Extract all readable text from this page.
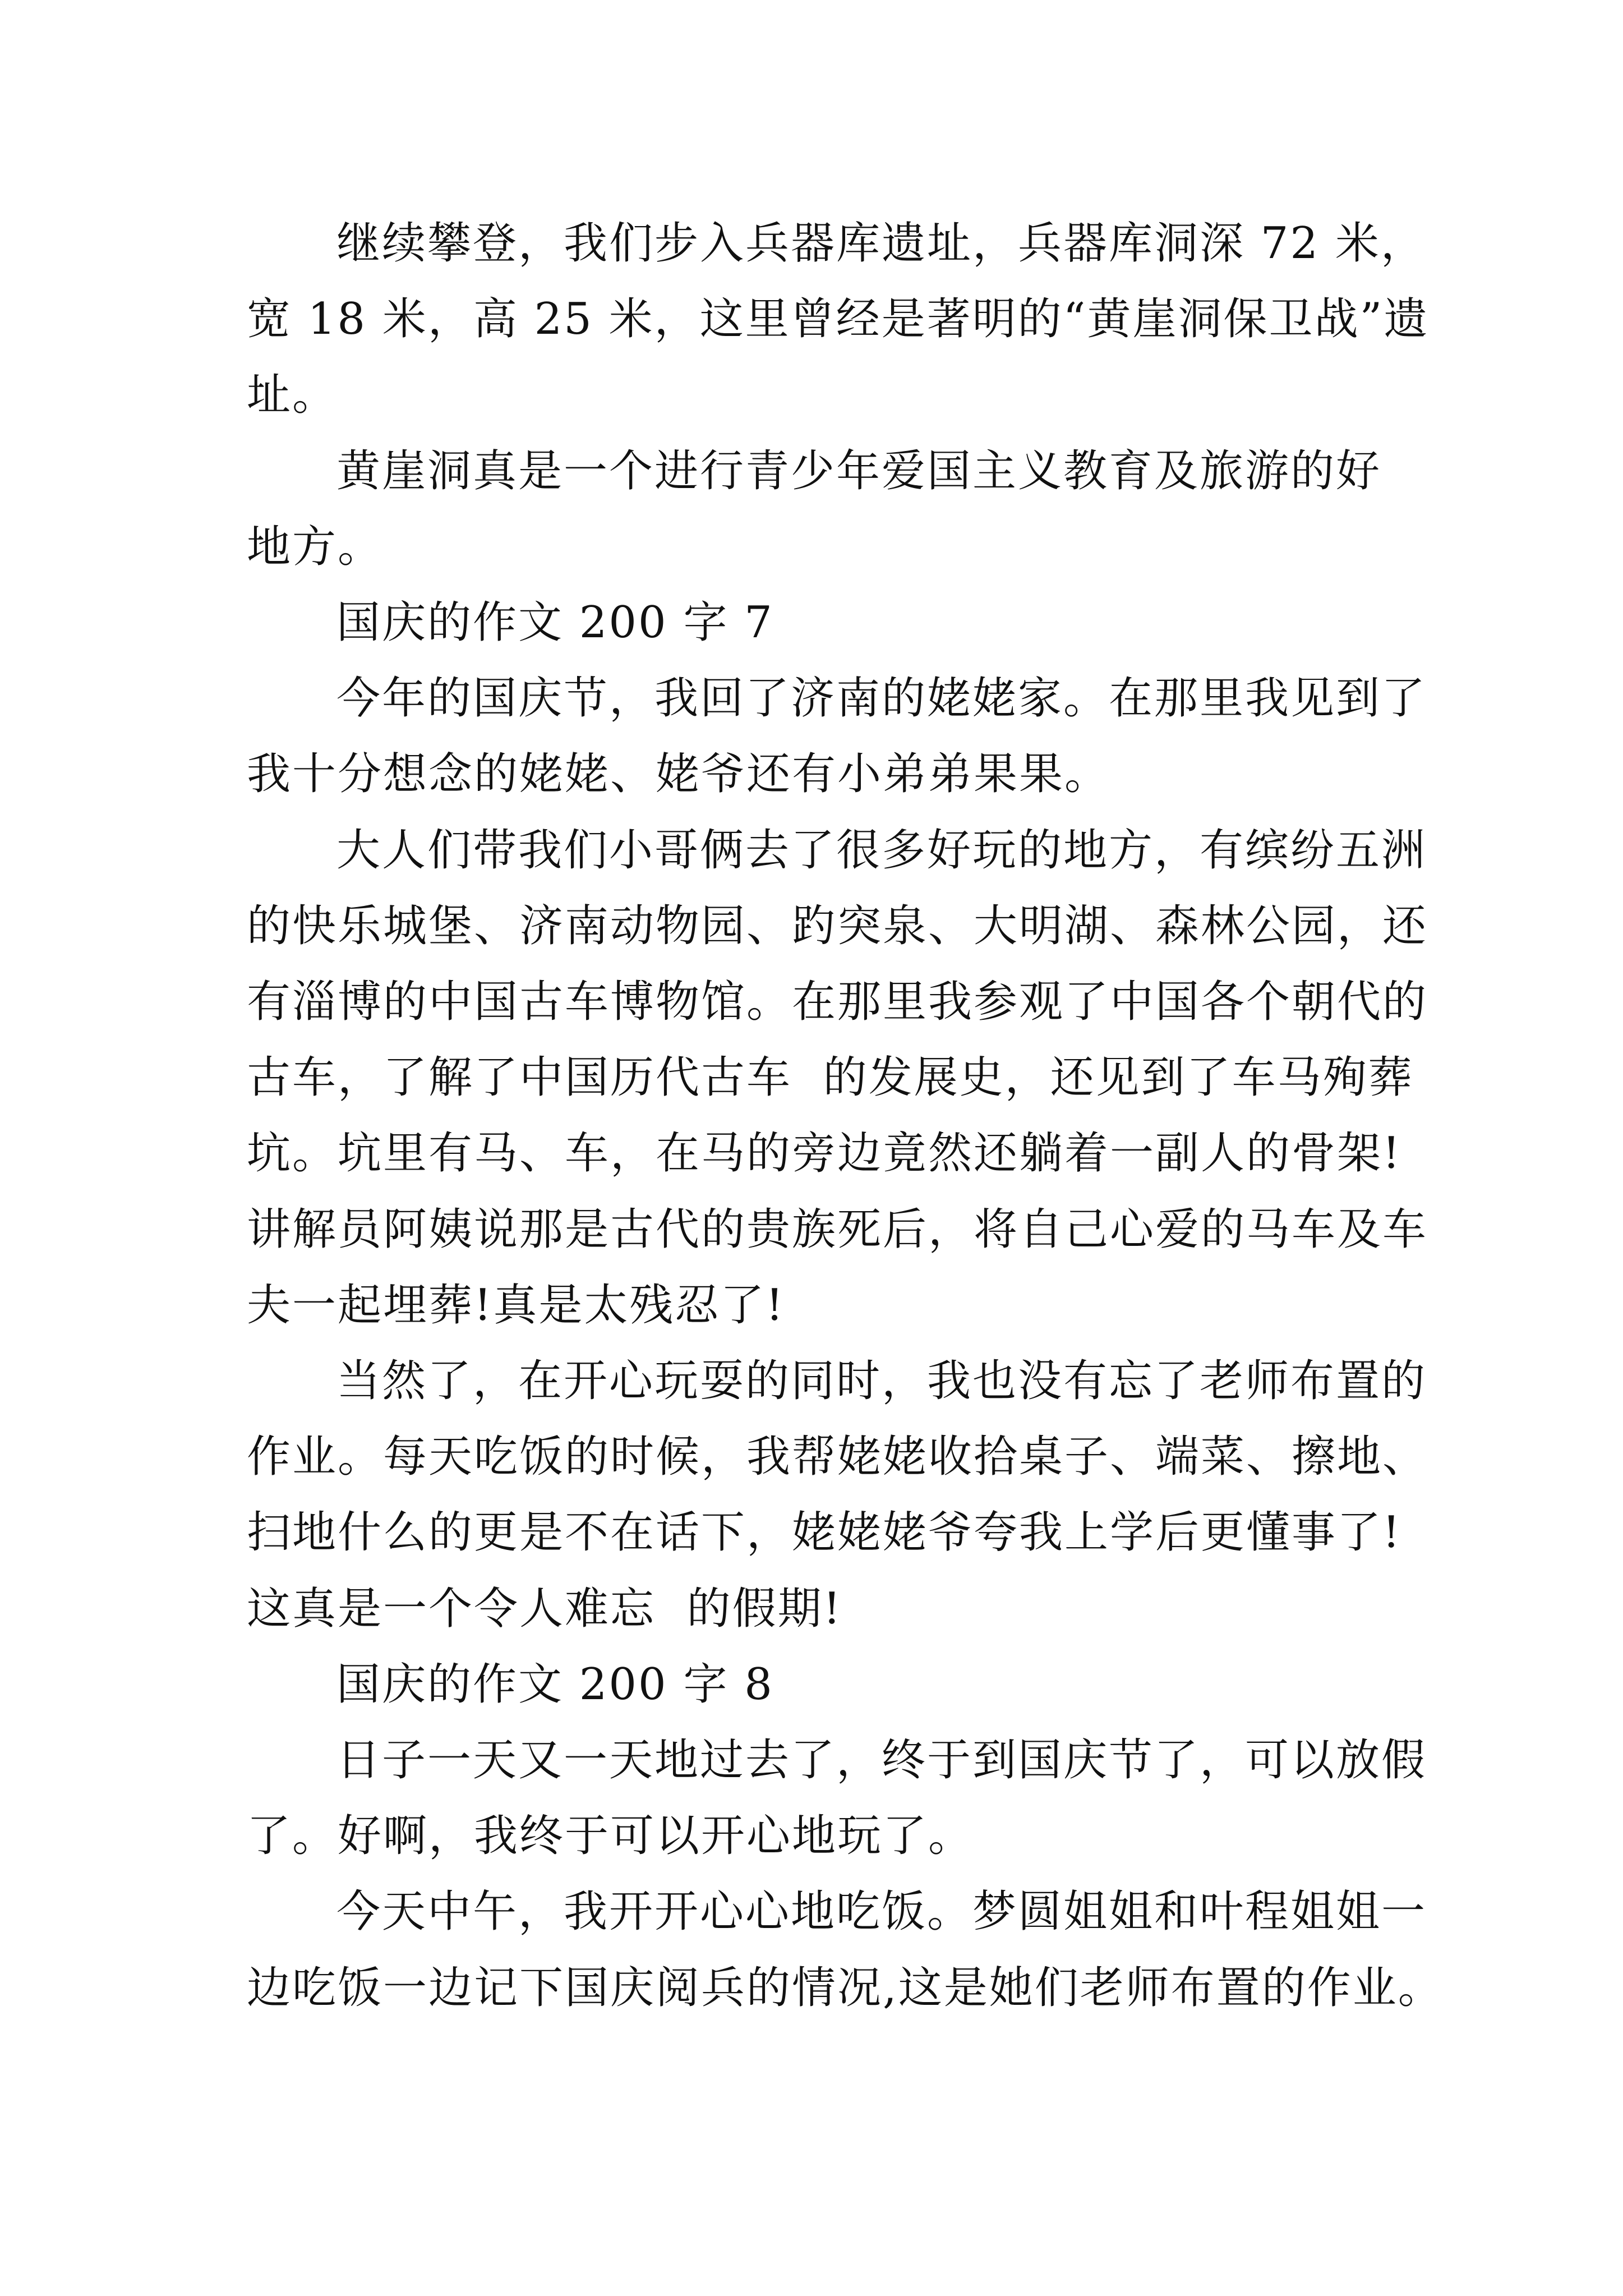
继续攀登，我们步入兵器库遗址，兵器库洞深 72 米，

宽 18 米，高 25 米，这里曾经是著明的“黄崖洞保卫战”遗

址。

黄崖洞真是一个进行青少年爱国主义教育及旅游的好

地方。

国庆的作文 200 字 7

今年的国庆节，我回了济南的姥姥家。在那里我见到了

我十分想念的姥姥、姥爷还有小弟弟果果。

大人们带我们小哥俩去了很多好玩的地方，有缤纷五洲

的快乐城堡、济南动物园、趵突泉、大明湖、森林公园，还

有淄博的中国古车博物馆。在那里我参观了中国各个朝代的

古车，了解了中国历代古车  的发展史，还见到了车马殉葬

坑。坑里有马、车，在马的旁边竟然还躺着一副人的骨架!

讲解员阿姨说那是古代的贵族死后，将自己心爱的马车及车

夫一起埋葬!真是太残忍了!

当然了，在开心玩耍的同时，我也没有忘了老师布置的

作业。每天吃饭的时候，我帮姥姥收拾桌子、端菜、擦地、

扫地什么的更是不在话下，姥姥姥爷夸我上学后更懂事了!

这真是一个令人难忘  的假期!

国庆的作文 200 字 8

日子一天又一天地过去了，终于到国庆节了，可以放假

了。好啊，我终于可以开心地玩了。

今天中午，我开开心心地吃饭。梦圆姐姐和叶程姐姐一

边吃饭一边记下国庆阅兵的情况,这是她们老师布置的作业。
